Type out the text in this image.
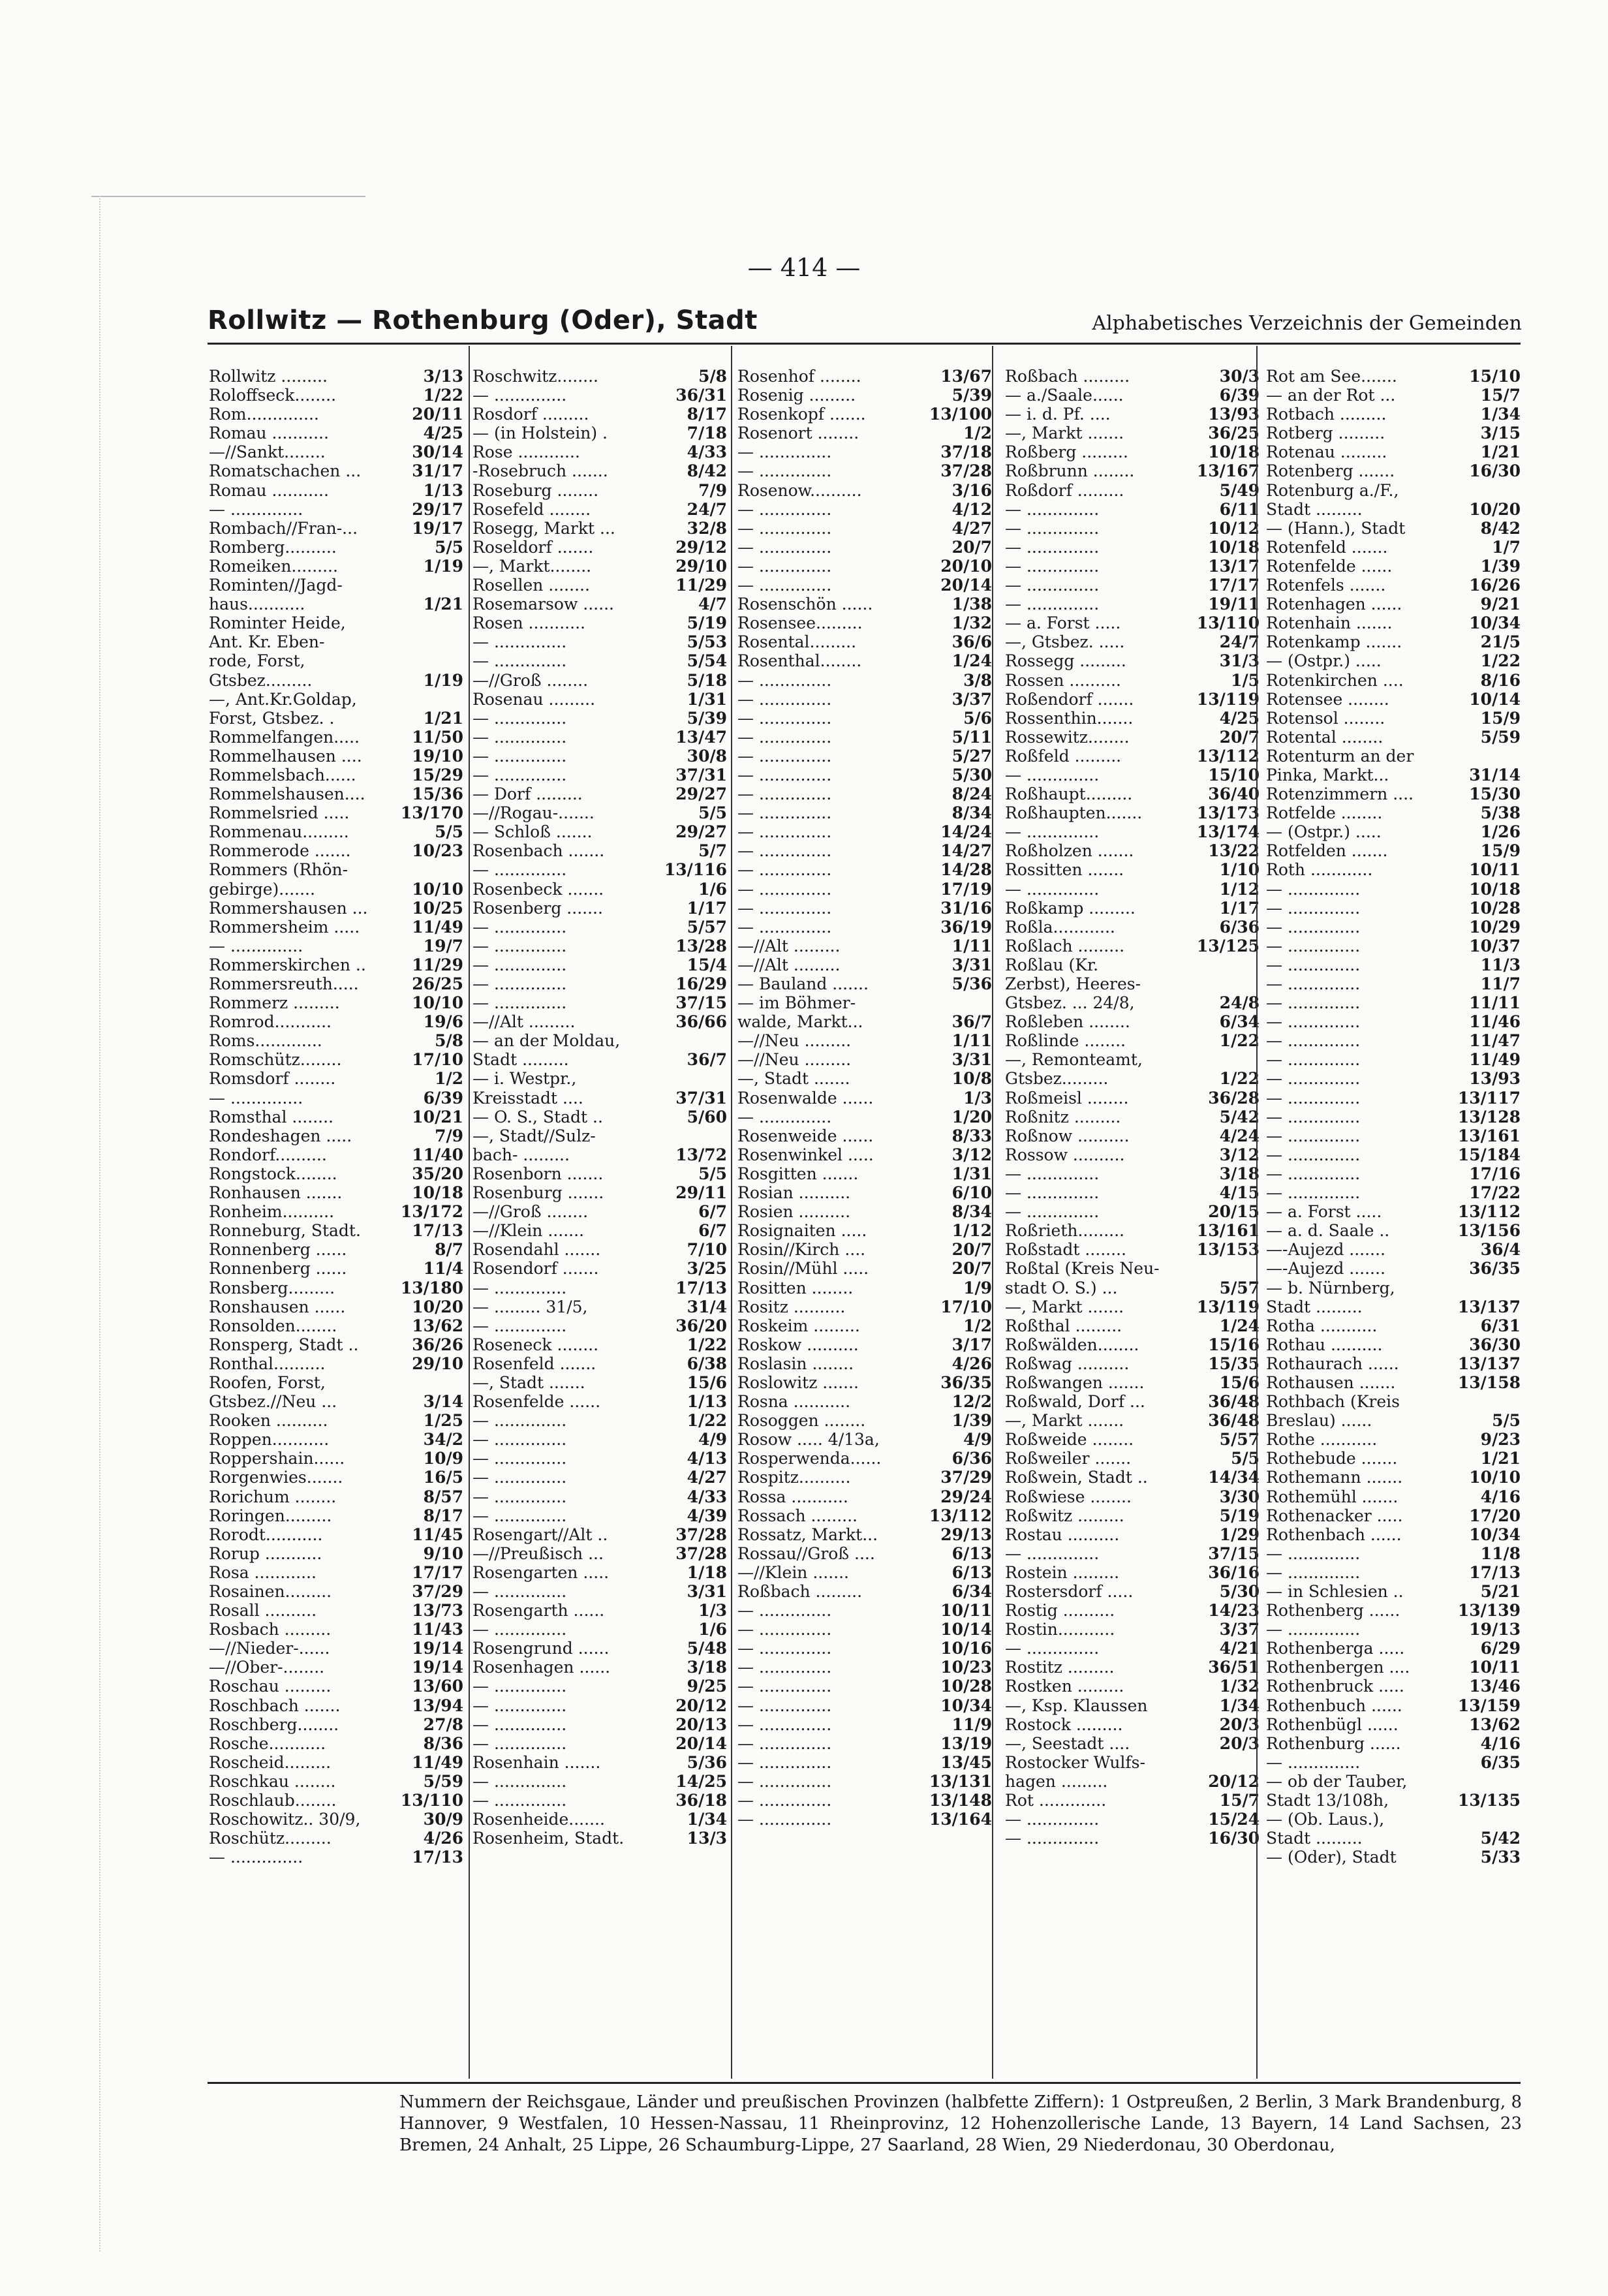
— 414 —
Rollwitz — Rothenburg (Oder), Stadt	Alphabetisches Verzeichnis der Gemeinden
Rollwitz .........	3/13
Roloffseck........	1/22
Rom..............	20/11
Romau ...........	4/25
—//Sankt........	30/14
Romatschachen ...	31/17
Romau ...........	1/13
— ..............	29/17
Rombach//Fran-...	19/17
Romberg..........	5/5
Romeiken.........	1/19
Rominten//Jagd-
haus...........	1/21
Rominter Heide,
Ant. Kr. Eben-
rode, Forst,
Gtsbez.........	1/19
—, Ant.Kr.Goldap,
Forst, Gtsbez. .	1/21
Rommelfangen.....	11/50
Rommelhausen ....	19/10
Rommelsbach......	15/29
Rommelshausen....	15/36
Rommelsried .....	13/170
Rommenau.........	5/5
Rommerode .......	10/23
Rommers (Rhön-
gebirge).......	10/10
Rommershausen ...	10/25
Rommersheim .....	11/49
— ..............	19/7
Rommerskirchen ..	11/29
Rommersreuth.....	26/25
Rommerz .........	10/10
Romrod...........	19/6
Roms.............	5/8
Romschütz........	17/10
Romsdorf ........	1/2
— ..............	6/39
Romsthal ........	10/21
Rondeshagen .....	7/9
Rondorf..........	11/40
Rongstock........	35/20
Ronhausen .......	10/18
Ronheim..........	13/172
Ronneburg, Stadt.	17/13
Ronnenberg ......	8/7
Ronnenberg ......	11/4
Ronsberg.........	13/180
Ronshausen ......	10/20
Ronsolden........	13/62
Ronsperg, Stadt ..	36/26
Ronthal..........	29/10
Roofen, Forst,
Gtsbez.//Neu ...	3/14
Rooken ..........	1/25
Roppen...........	34/2
Roppershain......	10/9
Rorgenwies.......	16/5
Rorichum ........	8/57
Roringen.........	8/17
Rorodt...........	11/45
Rorup ...........	9/10
Rosa ............	17/17
Rosainen.........	37/29
Rosall ..........	13/73
Rosbach .........	11/43
—//Nieder-......	19/14
—//Ober-........	19/14
Roschau .........	13/60
Roschbach .......	13/94
Roschberg........	27/8
Rosche...........	8/36
Roscheid.........	11/49
Roschkau ........	5/59
Roschlaub........	13/110
Roschowitz.. 30/9,	30/9
Roschütz.........	4/26
— ..............	17/13
Roschwitz........	5/8
— ..............	36/31
Rosdorf .........	8/17
— (in Holstein) .	7/18
Rose ............	4/33
-Rosebruch .......	8/42
Roseburg ........	7/9
Rosefeld ........	24/7
Rosegg, Markt ...	32/8
Roseldorf .......	29/12
—, Markt........	29/10
Rosellen ........	11/29
Rosemarsow ......	4/7
Rosen ...........	5/19
— ..............	5/53
— ..............	5/54
—//Groß ........	5/18
Rosenau .........	1/31
— ..............	5/39
— ..............	13/47
— ..............	30/8
— ..............	37/31
— Dorf .........	29/27
—//Rogau-.......	5/5
— Schloß .......	29/27
Rosenbach .......	5/7
— ..............	13/116
Rosenbeck .......	1/6
Rosenberg .......	1/17
— ..............	5/57
— ..............	13/28
— ..............	15/4
— ..............	16/29
— ..............	37/15
—//Alt .........	36/66
— an der Moldau,
Stadt .........	36/7
— i. Westpr.,
Kreisstadt ....	37/31
— O. S., Stadt ..	5/60
—, Stadt//Sulz-
bach- .........	13/72
Rosenborn .......	5/5
Rosenburg .......	29/11
—//Groß ........	6/7
—//Klein .......	6/7
Rosendahl .......	7/10
Rosendorf .......	3/25
— ..............	17/13
— ......... 31/5,	31/4
— ..............	36/20
Roseneck ........	1/22
Rosenfeld .......	6/38
—, Stadt .......	15/6
Rosenfelde ......	1/13
— ..............	1/22
— ..............	4/9
— ..............	4/13
— ..............	4/27
— ..............	4/33
— ..............	4/39
Rosengart//Alt ..	37/28
—//Preußisch ...	37/28
Rosengarten .....	1/18
— ..............	3/31
Rosengarth ......	1/3
— ..............	1/6
Rosengrund ......	5/48
Rosenhagen ......	3/18
— ..............	9/25
— ..............	20/12
— ..............	20/13
— ..............	20/14
Rosenhain .......	5/36
— ..............	14/25
— ..............	36/18
Rosenheide.......	1/34
Rosenheim, Stadt.	13/3
Rosenhof ........	13/67
Rosenig .........	5/39
Rosenkopf .......	13/100
Rosenort ........	1/2
— ..............	37/18
— ..............	37/28
Rosenow..........	3/16
— ..............	4/12
— ..............	4/27
— ..............	20/7
— ..............	20/10
— ..............	20/14
Rosenschön ......	1/38
Rosensee.........	1/32
Rosental.........	36/6
Rosenthal........	1/24
— ..............	3/8
— ..............	3/37
— ..............	5/6
— ..............	5/11
— ..............	5/27
— ..............	5/30
— ..............	8/24
— ..............	8/34
— ..............	14/24
— ..............	14/27
— ..............	14/28
— ..............	17/19
— ..............	31/16
— ..............	36/19
—//Alt .........	1/11
—//Alt .........	3/31
— Bauland .......	5/36
— im Böhmer-
walde, Markt...	36/7
—//Neu .........	1/11
—//Neu .........	3/31
—, Stadt .......	10/8
Rosenwalde ......	1/3
— ..............	1/20
Rosenweide ......	8/33
Rosenwinkel .....	3/12
Rosgitten .......	1/31
Rosian ..........	6/10
Rosien ..........	8/34
Rosignaiten .....	1/12
Rosin//Kirch ....	20/7
Rosin//Mühl .....	20/7
Rositten ........	1/9
Rositz ..........	17/10
Roskeim .........	1/2
Roskow ..........	3/17
Roslasin ........	4/26
Roslowitz .......	36/35
Rosna ...........	12/2
Rosoggen ........	1/39
Rosow ..... 4/13a,	4/9
Rosperwenda......	6/36
Rospitz..........	37/29
Rossa ...........	29/24
Rossach .........	13/112
Rossatz, Markt...	29/13
Rossau//Groß ....	6/13
—//Klein .......	6/13
Roßbach .........	6/34
— ..............	10/11
— ..............	10/14
— ..............	10/16
— ..............	10/23
— ..............	10/28
— ..............	10/34
— ..............	11/9
— ..............	13/19
— ..............	13/45
— ..............	13/131
— ..............	13/148
— ..............	13/164
Roßbach .........	30/3
— a./Saale......	6/39
— i. d. Pf. ....	13/93
—, Markt .......	36/25
Roßberg .........	10/18
Roßbrunn ........	13/167
Roßdorf .........	5/49
— ..............	6/11
— ..............	10/12
— ..............	10/18
— ..............	13/17
— ..............	17/17
— ..............	19/11
— a. Forst .....	13/110
—, Gtsbez. .....	24/7
Rossegg .........	31/3
Rossen ..........	1/5
Roßendorf .......	13/119
Rossenthin.......	4/25
Rossewitz........	20/7
Roßfeld .........	13/112
— ..............	15/10
Roßhaupt.........	36/40
Roßhaupten.......	13/173
— ..............	13/174
Roßholzen .......	13/22
Rossitten .......	1/10
— ..............	1/12
Roßkamp .........	1/17
Roßla............	6/36
Roßlach .........	13/125
Roßlau (Kr.
Zerbst), Heeres-
Gtsbez. ... 24/8,	24/8
Roßleben ........	6/34
Roßlinde ........	1/22
—, Remonteamt,
Gtsbez.........	1/22
Roßmeisl ........	36/28
Roßnitz .........	5/42
Roßnow ..........	4/24
Rossow ..........	3/12
— ..............	3/18
— ..............	4/15
— ..............	20/15
Roßrieth.........	13/161
Roßstadt ........	13/153
Roßtal (Kreis Neu-
stadt O. S.) ...	5/57
—, Markt .......	13/119
Roßthal .........	1/24
Roßwälden........	15/16
Roßwag ..........	15/35
Roßwangen .......	15/6
Roßwald, Dorf ...	36/48
—, Markt .......	36/48
Roßweide ........	5/57
Roßweiler .......	5/5
Roßwein, Stadt ..	14/34
Roßwiese ........	3/30
Roßwitz .........	5/19
Rostau ..........	1/29
— ..............	37/15
Rostein .........	36/16
Rostersdorf .....	5/30
Rostig ..........	14/23
Rostin...........	3/37
— ..............	4/21
Rostitz .........	36/51
Rostken .........	1/32
—, Ksp. Klaussen	1/34
Rostock .........	20/3
—, Seestadt ....	20/3
Rostocker Wulfs-
hagen .........	20/12
Rot .............	15/7
— ..............	15/24
— ..............	16/30
Rot am See.......	15/10
— an der Rot ...	15/7
Rotbach .........	1/34
Rotberg .........	3/15
Rotenau .........	1/21
Rotenberg .......	16/30
Rotenburg a./F.,
Stadt .........	10/20
— (Hann.), Stadt	8/42
Rotenfeld .......	1/7
Rotenfelde ......	1/39
Rotenfels .......	16/26
Rotenhagen ......	9/21
Rotenhain .......	10/34
Rotenkamp .......	21/5
— (Ostpr.) .....	1/22
Rotenkirchen ....	8/16
Rotensee ........	10/14
Rotensol ........	15/9
Rotental ........	5/59
Rotenturm an der
Pinka, Markt...	31/14
Rotenzimmern ....	15/30
Rotfelde ........	5/38
— (Ostpr.) .....	1/26
Rotfelden .......	15/9
Roth ............	10/11
— ..............	10/18
— ..............	10/28
— ..............	10/29
— ..............	10/37
— ..............	11/3
— ..............	11/7
— ..............	11/11
— ..............	11/46
— ..............	11/47
— ..............	11/49
— ..............	13/93
— ..............	13/117
— ..............	13/128
— ..............	13/161
— ..............	15/184
— ..............	17/16
— ..............	17/22
— a. Forst .....	13/112
— a. d. Saale ..	13/156
—-Aujezd .......	36/4
—-Aujezd .......	36/35
— b. Nürnberg,
Stadt .........	13/137
Rotha ...........	6/31
Rothau ..........	36/30
Rothaurach ......	13/137
Rothausen .......	13/158
Rothbach (Kreis
Breslau) ......	5/5
Rothe ...........	9/23
Rothebude .......	1/21
Rothemann .......	10/10
Rothemühl .......	4/16
Rothenacker .....	17/20
Rothenbach ......	10/34
— ..............	11/8
— ..............	17/13
— in Schlesien ..	5/21
Rothenberg ......	13/139
— ..............	19/13
Rothenberga .....	6/29
Rothenbergen ....	10/11
Rothenbruck .....	13/46
Rothenbuch ......	13/159
Rothenbügl ......	13/62
Rothenburg ......	4/16
— ..............	6/35
— ob der Tauber,
Stadt 13/108h,	13/135
— (Ob. Laus.),
Stadt .........	5/42
— (Oder), Stadt	5/33
Nummern der Reichsgaue, Länder und preußischen Provinzen (halbfette Ziffern): 1 Ostpreußen, 2 Berlin, 3 Mark Brandenburg, 8 Hannover, 9 Westfalen, 10 Hessen-Nassau, 11 Rheinprovinz, 12 Hohenzollerische Lande, 13 Bayern, 14 Land Sachsen, 23 Bremen, 24 Anhalt, 25 Lippe, 26 Schaumburg-Lippe, 27 Saarland, 28 Wien, 29 Niederdonau, 30 Oberdonau,
